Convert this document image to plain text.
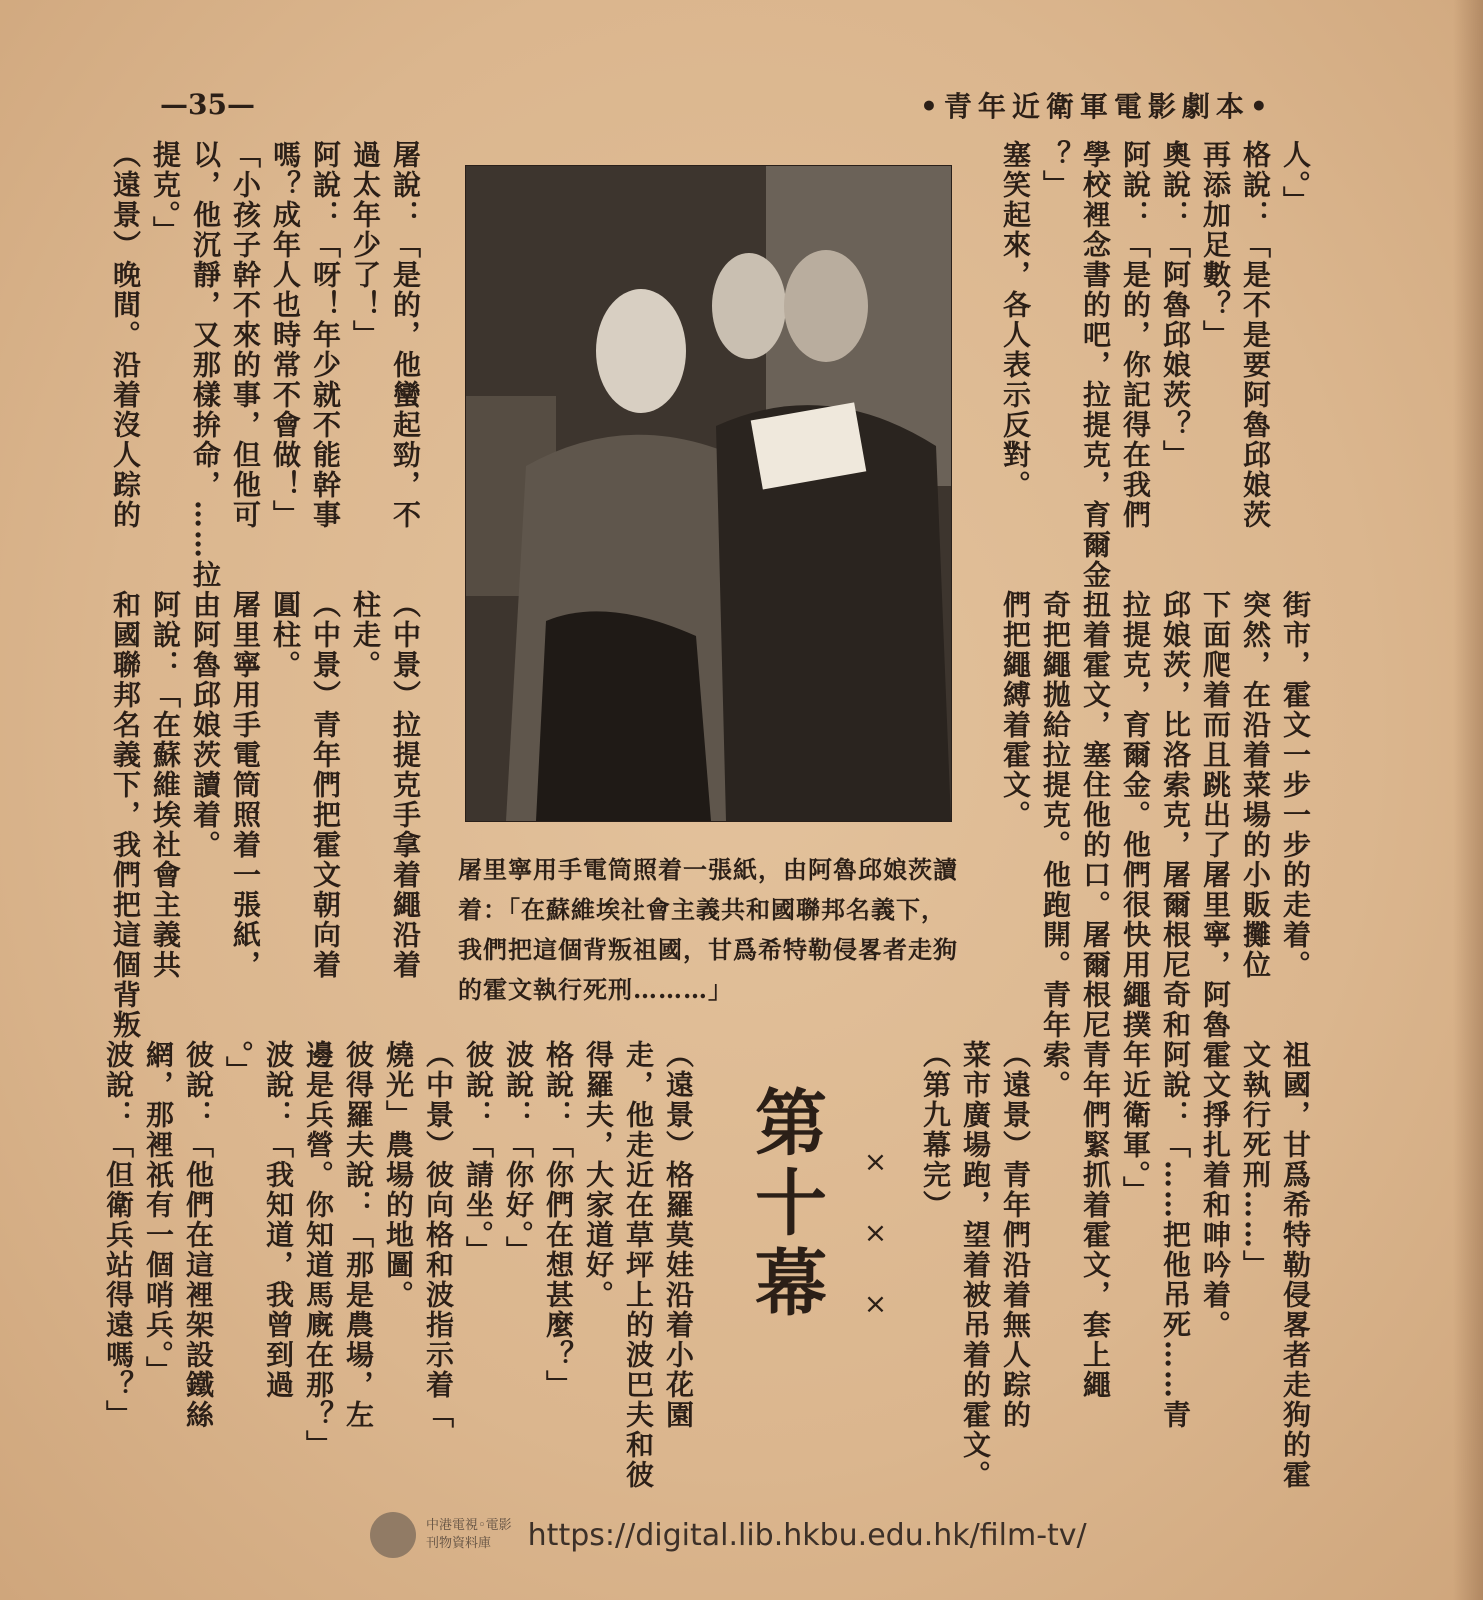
•青年近衛軍電影劇本•
—35—

人。」

格說：「是不是要阿魯邱娘茨

再添加足數？」

奧說：「阿魯邱娘茨？」

阿說：「是的，你記得在我們

學校裡念書的吧，拉提克，育爾金

？」

塞笑起來，各人表示反對。

屠說：「是的，他蠻起勁，不

過太年少了！」

阿說：「呀！年少就不能幹事

嗎？成年人也時常不會做！」

「小孩子幹不來的事，但他可

以，他沉靜，又那樣拚命，……拉

提克。」

（遠景）晚間。沿着沒人踪的

街市，霍文一步一步的走着。

突然，在沿着菜場的小販攤位

下面爬着而且跳出了屠里寧，阿魯

邱娘茨，比洛索克，屠爾根尼奇和

拉提克，育爾金。他們很快用繩撲

扭着霍文，塞住他的口。屠爾根尼

奇把繩拋給拉提克。他跑開。青年

們把繩縛着霍文。

（中景）拉提克手拿着繩沿着

柱走。

（中景）青年們把霍文朝向着

圓柱。

屠里寧用手電筒照着一張紙，

由阿魯邱娘茨讀着。

阿說：「在蘇維埃社會主義共

和國聯邦名義下，我們把這個背叛	屠里寧用手電筒照着一張紙，由阿魯邱娘茨讀着：「在蘇維埃社會主義共和國聯邦名義下，我們把這個背叛祖國，甘爲希特勒侵畧者走狗的霍文執行死刑………」

祖國，甘爲希特勒侵畧者走狗的霍

文執行死刑……」

霍文掙扎着和呻吟着。

阿說：「……把他吊死……青

年近衛軍。」

青年們緊抓着霍文，套上繩

索。

（遠景）青年們沿着無人踪的

菜市廣場跑，望着被吊着的霍文。

（第九幕完）

×××
第十幕

（遠景）格羅莫娃沿着小花園

走，他走近在草坪上的波巴夫和彼

得羅夫，大家道好。

格說：「你們在想甚麼？」

波說：「你好。」

彼說：「請坐。」

（中景）彼向格和波指示着「

燒光」農場的地圖。

彼得羅夫說：「那是農場，左

邊是兵營。你知道馬廐在那？」

波說：「我知道，我曾到過

。」

彼說：「他們在這裡架設鐵絲

網，那裡祇有一個哨兵。」

波說：「但衛兵站得遠嗎？」

中港電視◦電影
刊物資料庫	https://digital.lib.hkbu.edu.hk/film-tv/
